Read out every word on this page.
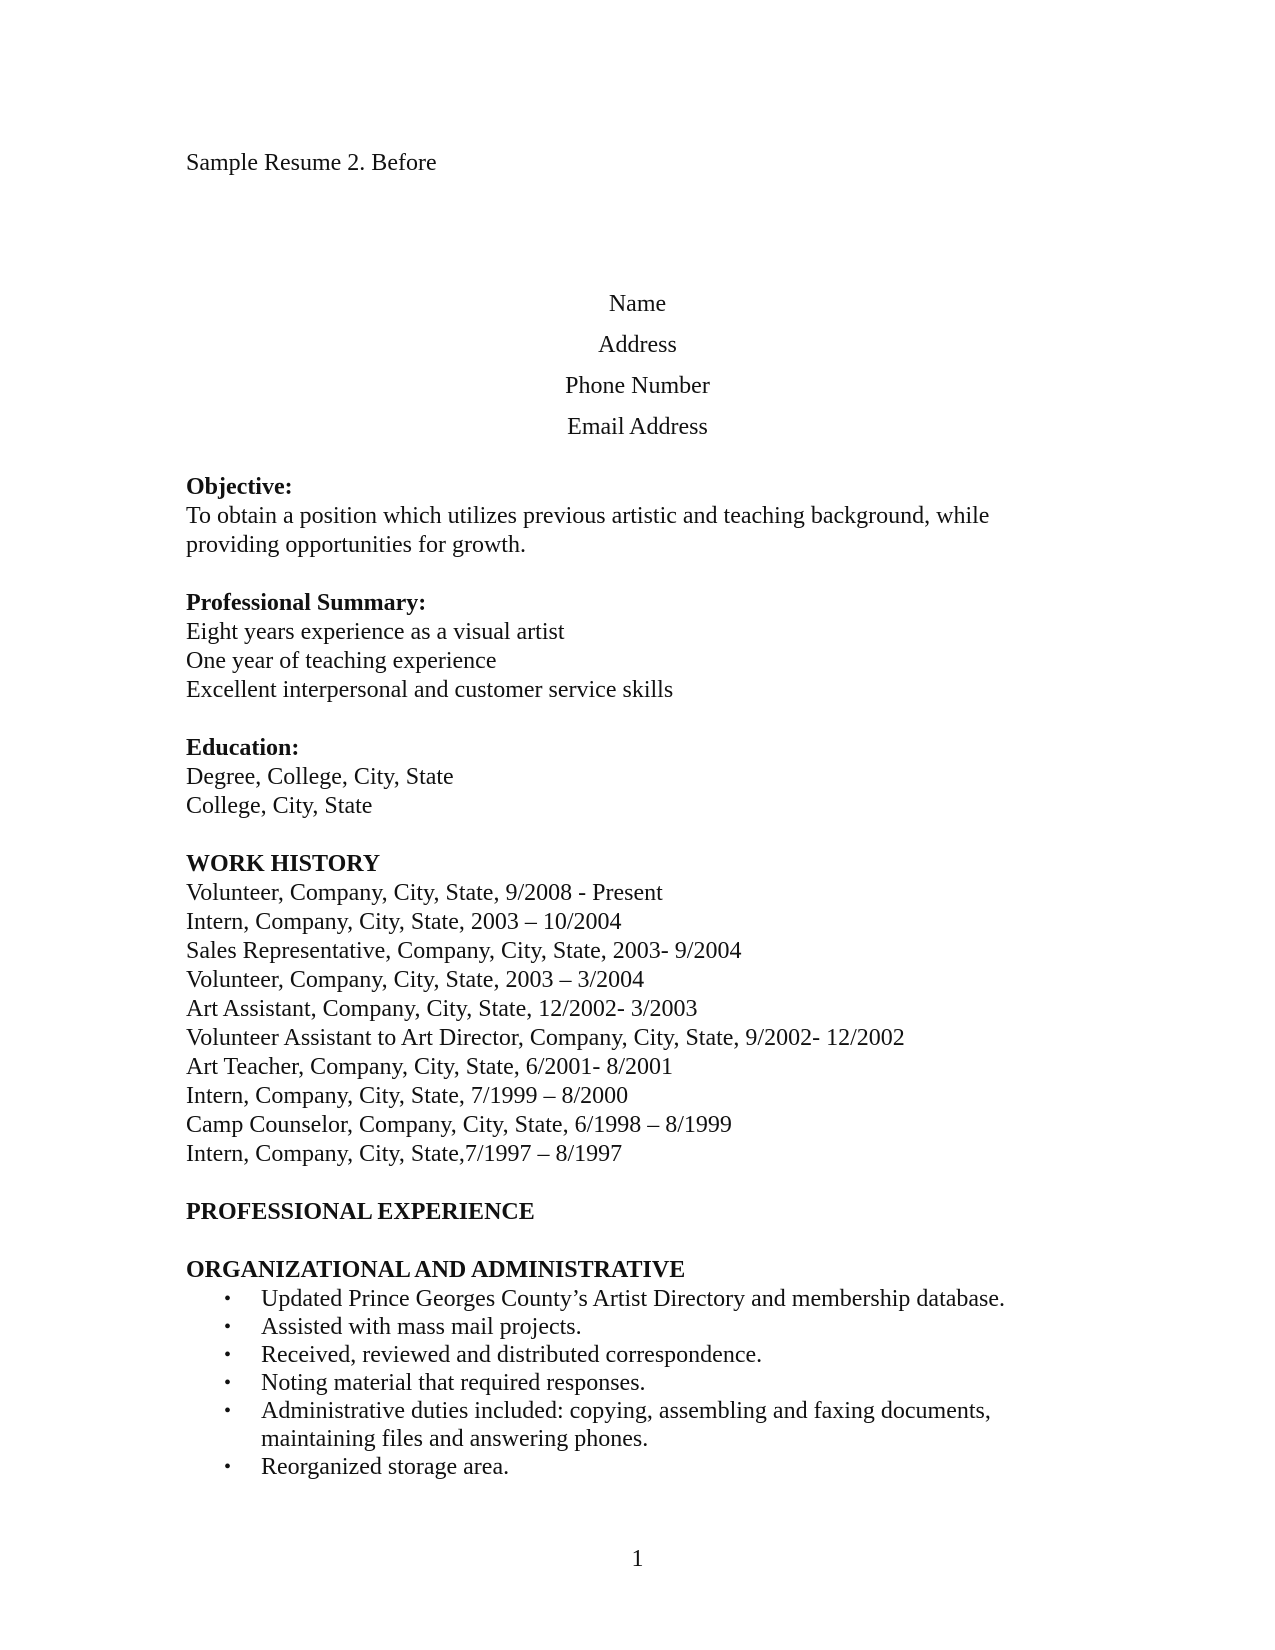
Sample Resume 2. Before
Name
Address
Phone Number
Email Address
Objective:
To obtain a position which utilizes previous artistic and teaching background, while
providing opportunities for growth.
Professional Summary:
Eight years experience as a visual artist
One year of teaching experience
Excellent interpersonal and customer service skills
Education:
Degree, College, City, State
College, City, State
WORK HISTORY
Volunteer, Company, City, State, 9/2008 - Present
Intern, Company, City, State, 2003 – 10/2004
Sales Representative, Company, City, State, 2003- 9/2004
Volunteer, Company, City, State, 2003 – 3/2004
Art Assistant, Company, City, State, 12/2002- 3/2003
Volunteer Assistant to Art Director, Company, City, State, 9/2002- 12/2002
Art Teacher, Company, City, State, 6/2001- 8/2001
Intern, Company, City, State, 7/1999 – 8/2000
Camp Counselor, Company, City, State, 6/1998 – 8/1999
Intern, Company, City, State,7/1997 – 8/1997
PROFESSIONAL EXPERIENCE
ORGANIZATIONAL AND ADMINISTRATIVE
• Updated Prince Georges County’s Artist Directory and membership database.
• Assisted with mass mail projects.
• Received, reviewed and distributed correspondence.
• Noting material that required responses.
• Administrative duties included: copying, assembling and faxing documents,
maintaining files and answering phones.
• Reorganized storage area.
1
